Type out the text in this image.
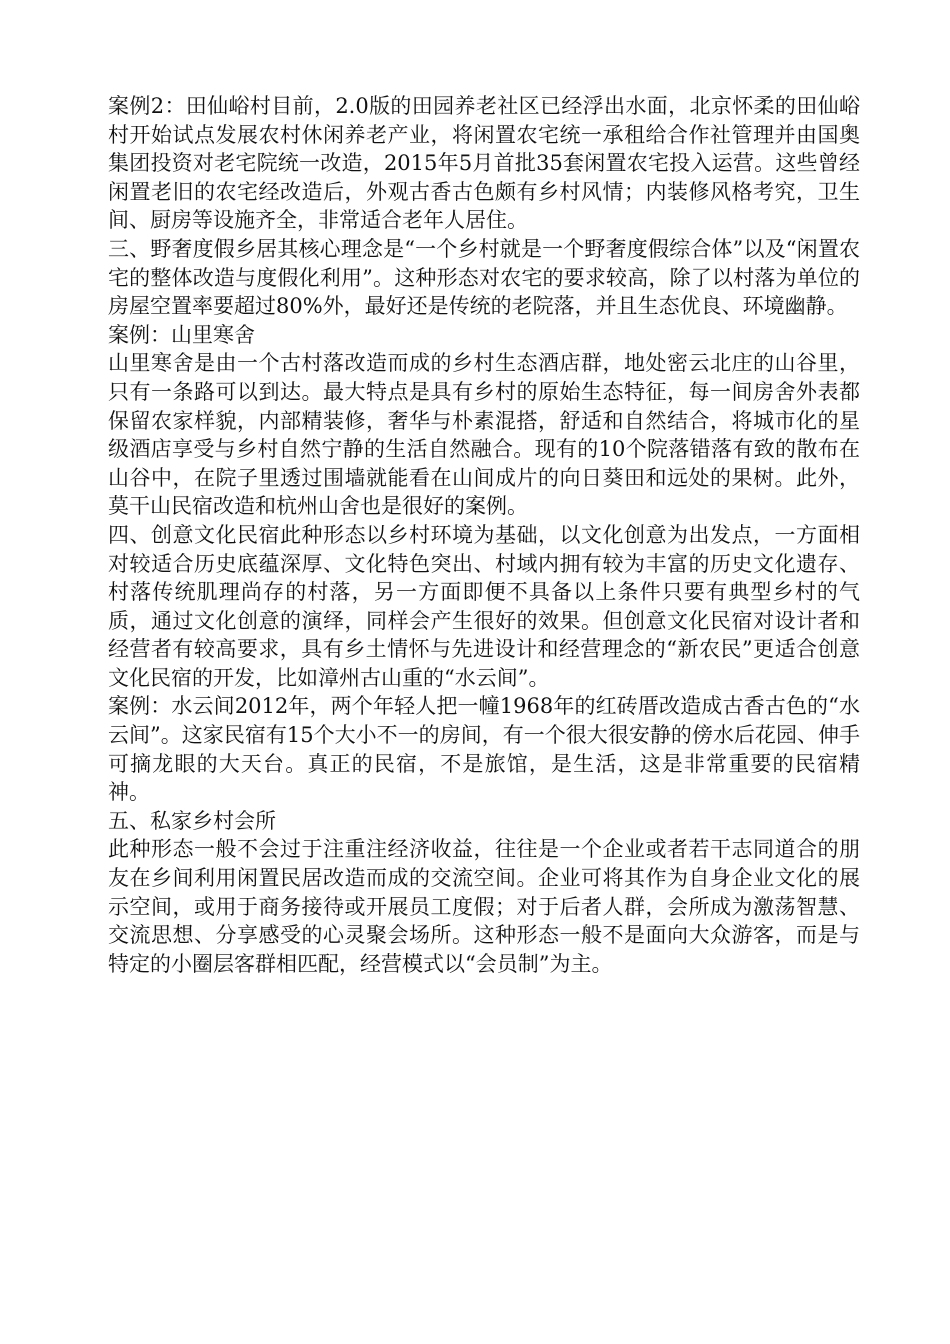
案例2：田仙峪村目前，2.0版的田园养老社区已经浮出水面，北京怀柔的田仙峪村开始试点发展农村休闲养老产业，将闲置农宅统一承租给合作社管理并由国奥集团投资对老宅院统一改造，2015年5月首批35套闲置农宅投入运营。这些曾经闲置老旧的农宅经改造后，外观古香古色颇有乡村风情；内装修风格考究，卫生间、厨房等设施齐全，非常适合老年人居住。

三、野奢度假乡居其核心理念是“一个乡村就是一个野奢度假综合体”以及“闲置农宅的整体改造与度假化利用”。这种形态对农宅的要求较高，除了以村落为单位的房屋空置率要超过80%外，最好还是传统的老院落，并且生态优良、环境幽静。

案例：山里寒舍

山里寒舍是由一个古村落改造而成的乡村生态酒店群，地处密云北庄的山谷里，只有一条路可以到达。最大特点是具有乡村的原始生态特征，每一间房舍外表都保留农家样貌，内部精装修，奢华与朴素混搭，舒适和自然结合，将城市化的星级酒店享受与乡村自然宁静的生活自然融合。现有的10个院落错落有致的散布在山谷中，在院子里透过围墙就能看在山间成片的向日葵田和远处的果树。此外，莫干山民宿改造和杭州山舍也是很好的案例。

四、创意文化民宿此种形态以乡村环境为基础，以文化创意为出发点，一方面相对较适合历史底蕴深厚、文化特色突出、村域内拥有较为丰富的历史文化遗存、村落传统肌理尚存的村落，另一方面即便不具备以上条件只要有典型乡村的气质，通过文化创意的演绎，同样会产生很好的效果。但创意文化民宿对设计者和经营者有较高要求，具有乡土情怀与先进设计和经营理念的“新农民”更适合创意文化民宿的开发，比如漳州古山重的“水云间”。

案例：水云间2012年，两个年轻人把一幢1968年的红砖厝改造成古香古色的“水云间”。这家民宿有15个大小不一的房间，有一个很大很安静的傍水后花园、伸手可摘龙眼的大天台。真正的民宿，不是旅馆，是生活，这是非常重要的民宿精神。

五、私家乡村会所

此种形态一般不会过于注重注经济收益，往往是一个企业或者若干志同道合的朋友在乡间利用闲置民居改造而成的交流空间。企业可将其作为自身企业文化的展示空间，或用于商务接待或开展员工度假；对于后者人群，会所成为激荡智慧、交流思想、分享感受的心灵聚会场所。这种形态一般不是面向大众游客，而是与特定的小圈层客群相匹配，经营模式以“会员制”为主。
